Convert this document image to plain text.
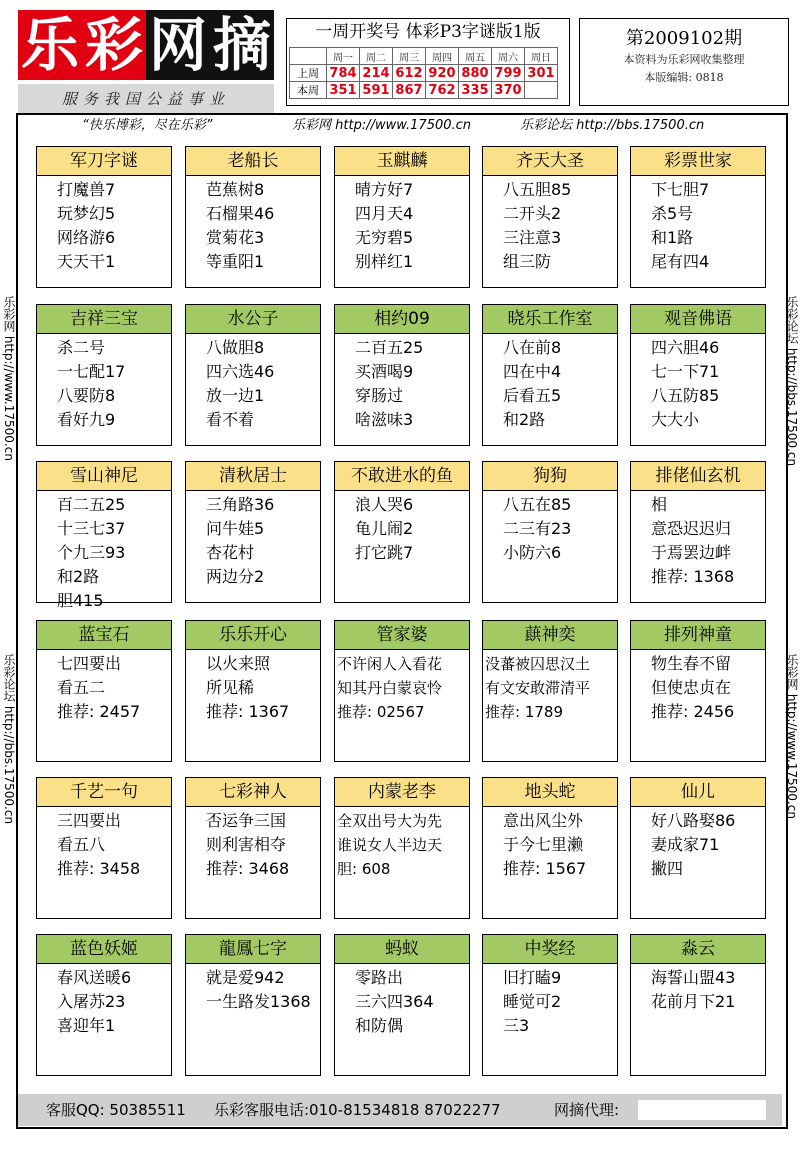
乐 彩 网 摘
服务我国公益事业
一周开奖号 体彩P3字谜版1版
	周一	周二	周三	周四	周五	周六	周日
上周	784	214	612	920	880	799	301
本周	351	591	867	762	335	370	
第2009102期
本资料为乐彩网收集整理
本版编辑: 0818
“快乐博彩，尽在乐彩”	乐彩网 http://www.17500.cn	乐彩论坛 http://bbs.17500.cn
乐彩网 http://www.17500.cn
乐彩论坛 http://bbs.17500.cn
乐彩论坛 http://bbs.17500.cn
乐彩网 http://www.17500.cn
军刀字谜
打魔兽7
玩梦幻5
网络游6
天天干1
老船长
芭蕉树8
石榴果46
赏菊花3
等重阳1
玉麒麟
晴方好7
四月天4
无穷碧5
别样红1
齐天大圣
八五胆85
二开头2
三注意3
组三防
彩票世家
下七胆7
杀5号
和1路
尾有四4
吉祥三宝
杀二号
一七配17
八要防8
看好九9
水公子
八做胆8
四六选46
放一边1
看不着
相约09
二百五25
买酒喝9
穿肠过
啥滋味3
晓乐工作室
八在前8
四在中4
后看五5
和2路
观音佛语
四六胆46
七一下71
八五防85
大大小
雪山神尼
百二五25
十三七37
个九三93
和2路
胆415
清秋居士
三角路36
问牛娃5
杏花村
两边分2
不敢进水的鱼
浪人哭6
龟儿闹2
打它跳7
狗狗
八五在85
二三有23
小防六6
排佬仙玄机
相
意恐迟迟归
于焉罢边衅
推荐: 1368
蓝宝石
七四要出
看五二
推荐: 2457
乐乐开心
以火来照
所见稀
推荐: 1367
管家婆
不许闲人入看花
知其丹白蒙哀怜
推荐: 02567
蕻神奕
没蕃被囚思汉土
有文安敢滞清平
推荐: 1789
排列神童
物生春不留
但使忠贞在
推荐: 2456
千艺一句
三四要出
看五八
推荐: 3458
七彩神人
否运争三国
则利害相夺
推荐: 3468
内蒙老李
全双出号大为先
谁说女人半边天
胆: 608
地头蛇
意出风尘外
于今七里濑
推荐: 1567
仙儿
好八路娶86
妻成家71
撇四
蓝色妖姬
春风送暖6
入屠苏23
喜迎年1
龍鳳七字
就是爱942
一生路发1368
蚂蚁
零路出
三六四364
和防偶
中奖经
旧打瞌9
睡觉可2
三3
淼云
海誓山盟43
花前月下21
客服QQ: 50385511 乐彩客服电话:010-81534818 87022277	网摘代理:
